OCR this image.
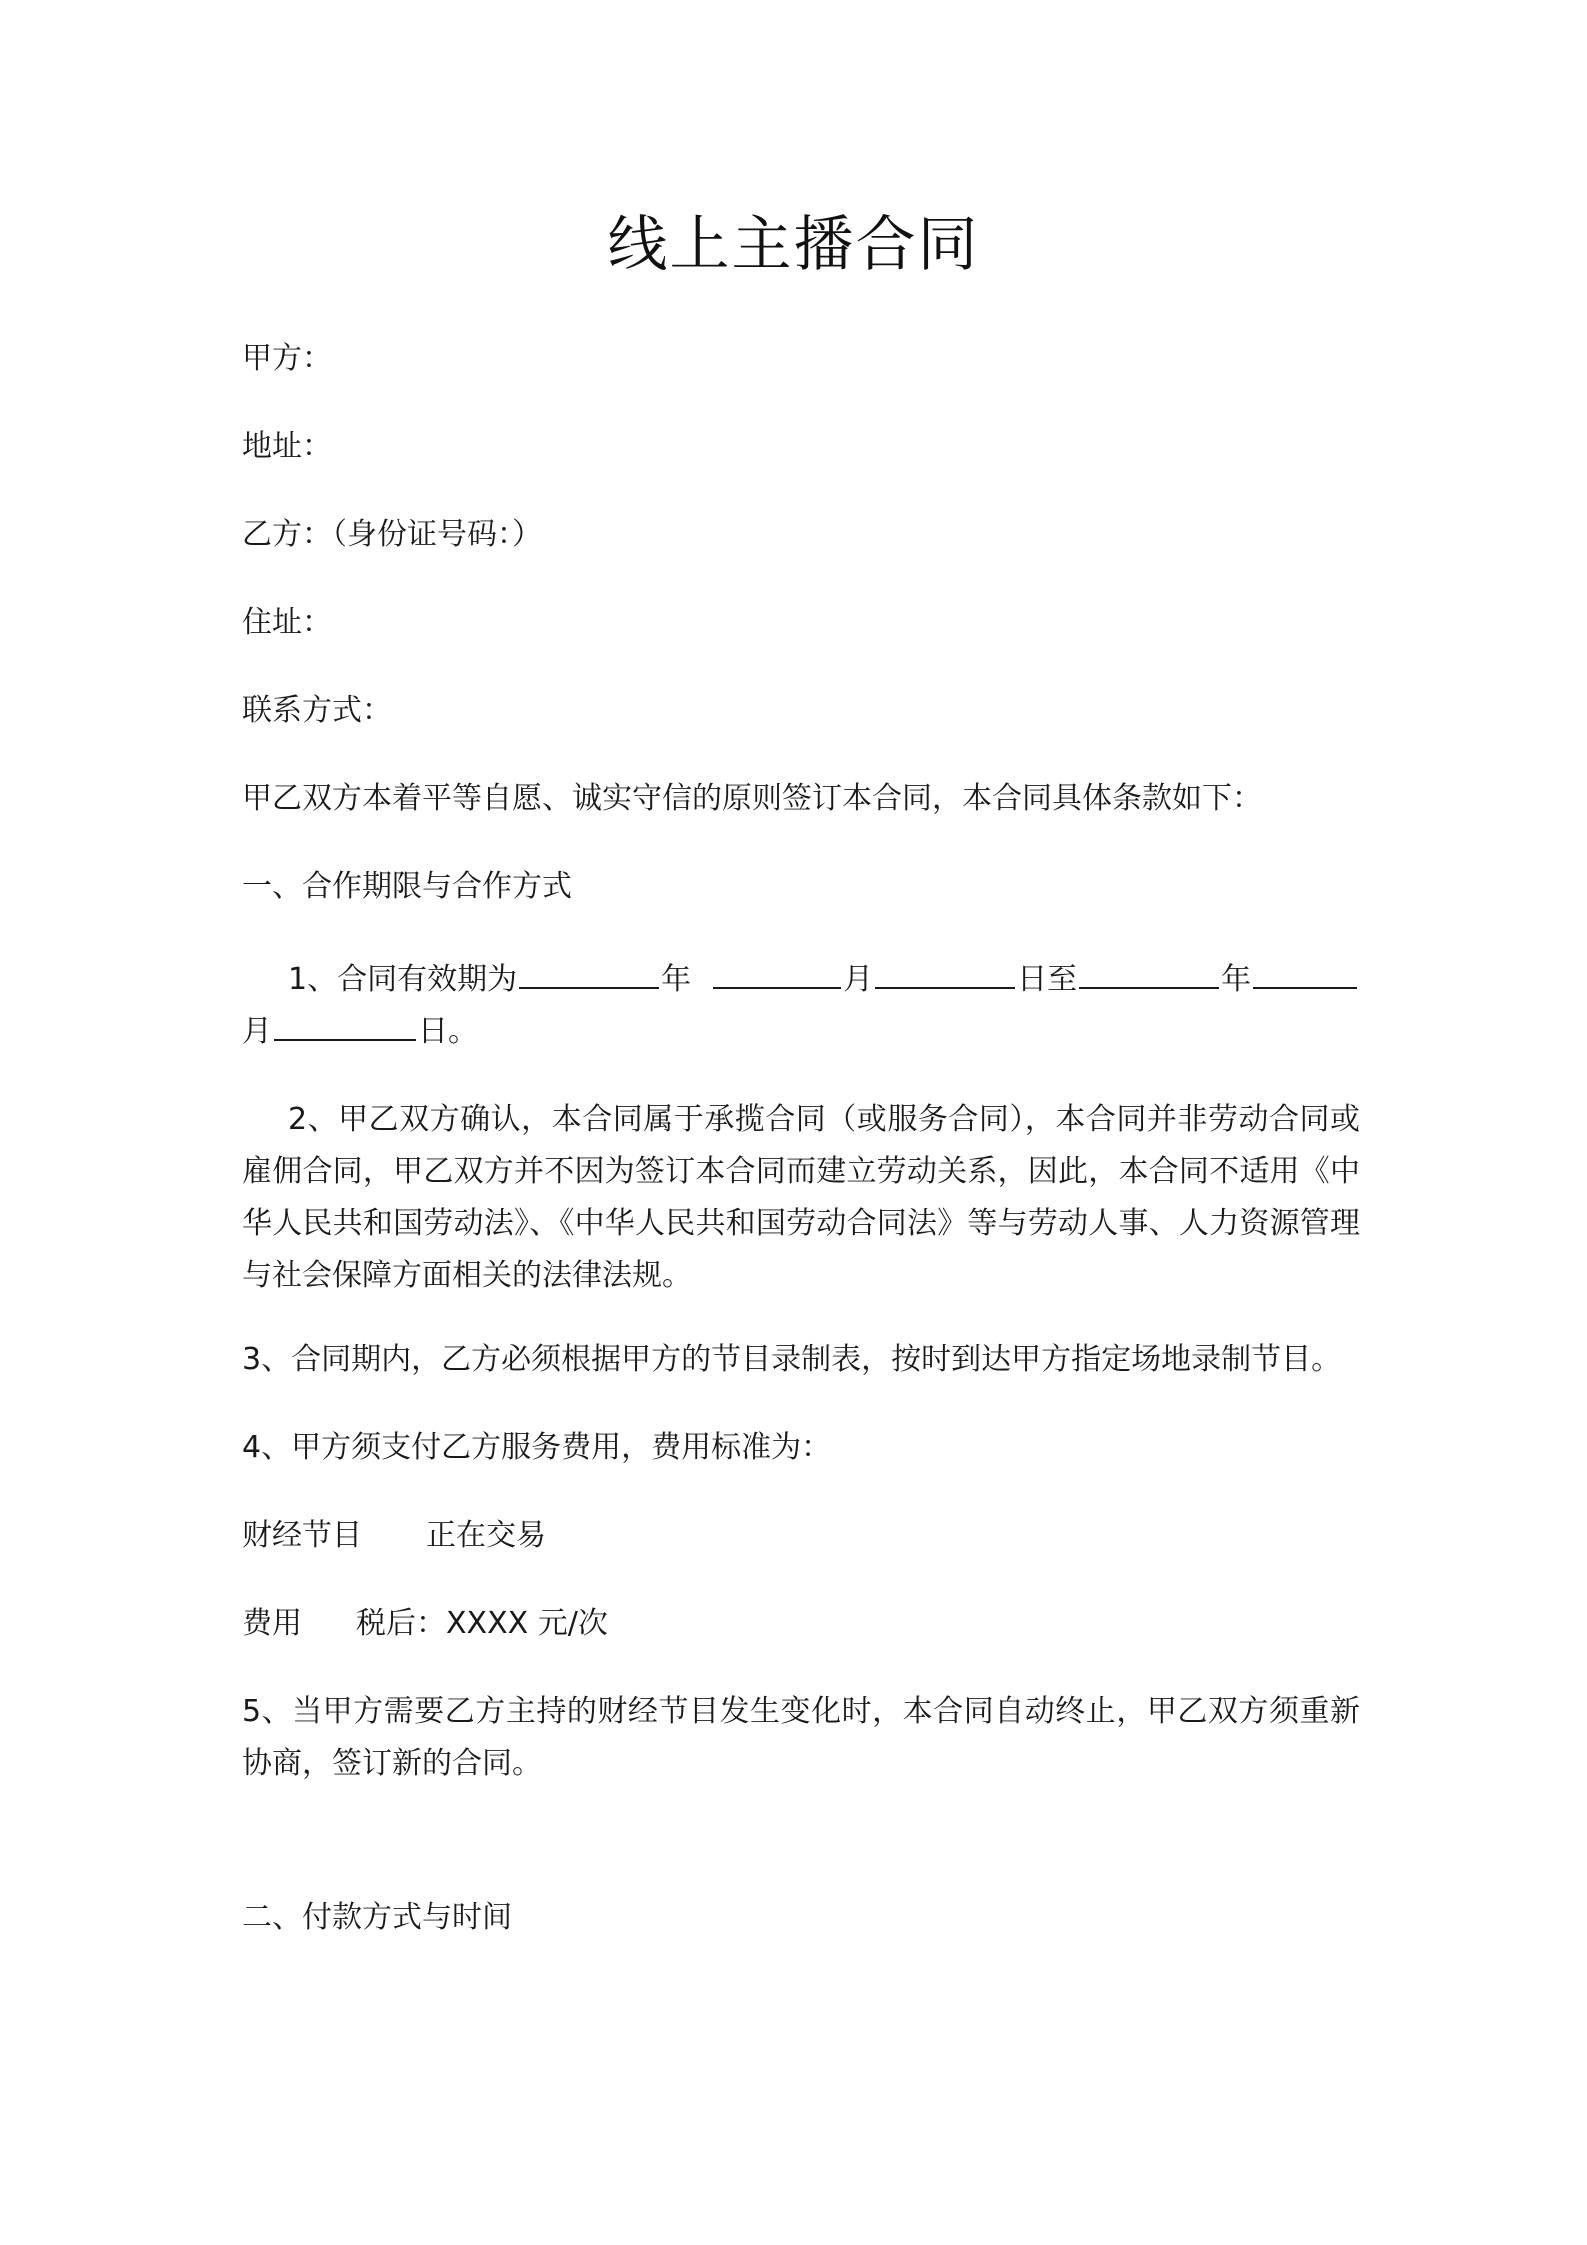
线上主播合同
甲方：
地址：
乙方：（身份证号码：）
住址：
联系方式：
甲乙双方本着平等自愿、诚实守信的原则签订本合同，本合同具体条款如下：
一、合作期限与合作方式
1、合同有效期为	年	月	日至	年
月	日。
2、甲乙双方确认，本合同属于承揽合同（或服务合同），本合同并非劳动合同或雇佣合同，甲乙双方并不因为签订本合同而建立劳动关系，因此，本合同不适用《中华人民共和国劳动法》、《中华人民共和国劳动合同法》等与劳动人事、人力资源管理与社会保障方面相关的法律法规。
3、合同期内，乙方必须根据甲方的节目录制表，按时到达甲方指定场地录制节目。
4、甲方须支付乙方服务费用，费用标准为：
财经节目 正在交易
费用 税后：XXXX 元/次
5、当甲方需要乙方主持的财经节目发生变化时，本合同自动终止，甲乙双方须重新协商，签订新的合同。
二、付款方式与时间
